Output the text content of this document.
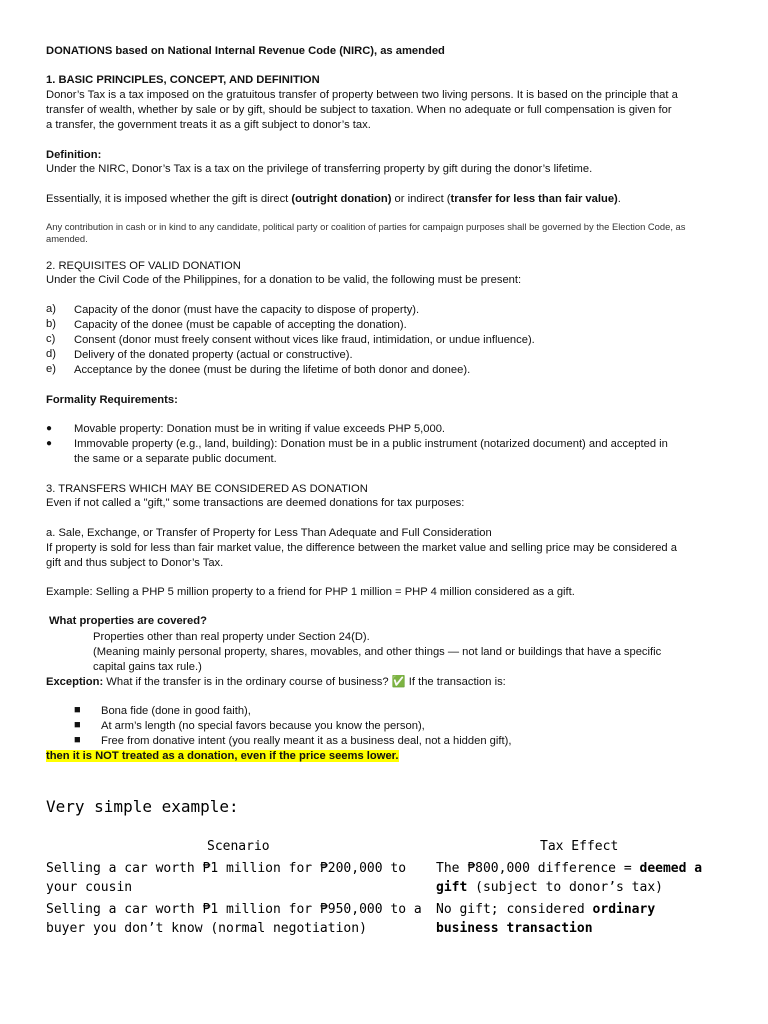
DONATIONS based on National Internal Revenue Code (NIRC), as amended
1. BASIC PRINCIPLES, CONCEPT, AND DEFINITION
Donor’s Tax is a tax imposed on the gratuitous transfer of property between two living persons. It is based on the principle that a
transfer of wealth, whether by sale or by gift, should be subject to taxation. When no adequate or full compensation is given for
a transfer, the government treats it as a gift subject to donor’s tax.
Definition:
Under the NIRC, Donor’s Tax is a tax on the privilege of transferring property by gift during the donor’s lifetime.
Essentially, it is imposed whether the gift is direct (outright donation) or indirect (transfer for less than fair value).
Any contribution in cash or in kind to any candidate, political party or coalition of parties for campaign purposes shall be governed by the Election Code, as amended.
2. REQUISITES OF VALID DONATION
Under the Civil Code of the Philippines, for a donation to be valid, the following must be present:
a) Capacity of the donor (must have the capacity to dispose of property).
b) Capacity of the donee (must be capable of accepting the donation).
c) Consent (donor must freely consent without vices like fraud, intimidation, or undue influence).
d) Delivery of the donated property (actual or constructive).
e) Acceptance by the donee (must be during the lifetime of both donor and donee).
Formality Requirements:
● Movable property: Donation must be in writing if value exceeds PHP 5,000.
● Immovable property (e.g., land, building): Donation must be in a public instrument (notarized document) and accepted in
the same or a separate public document.
3. TRANSFERS WHICH MAY BE CONSIDERED AS DONATION
Even if not called a "gift," some transactions are deemed donations for tax purposes:
a. Sale, Exchange, or Transfer of Property for Less Than Adequate and Full Consideration
If property is sold for less than fair market value, the difference between the market value and selling price may be considered a
gift and thus subject to Donor’s Tax.
Example: Selling a PHP 5 million property to a friend for PHP 1 million = PHP 4 million considered as a gift.
What properties are covered?
Properties other than real property under Section 24(D).
(Meaning mainly personal property, shares, movables, and other things — not land or buildings that have a specific
capital gains tax rule.)
Exception: What if the transfer is in the ordinary course of business? ✅ If the transaction is:
■ Bona fide (done in good faith),
■ At arm’s length (no special favors because you know the person),
■ Free from donative intent (you really meant it as a business deal, not a hidden gift),
then it is NOT treated as a donation, even if the price seems lower.
Very simple example:
Scenario	Tax Effect
Selling a car worth ₱1 million for ₱200,000 to
your cousin
The ₱800,000 difference = deemed a
gift (subject to donor’s tax)
Selling a car worth ₱1 million for ₱950,000 to a
buyer you don’t know (normal negotiation)
No gift; considered ordinary
business transaction
